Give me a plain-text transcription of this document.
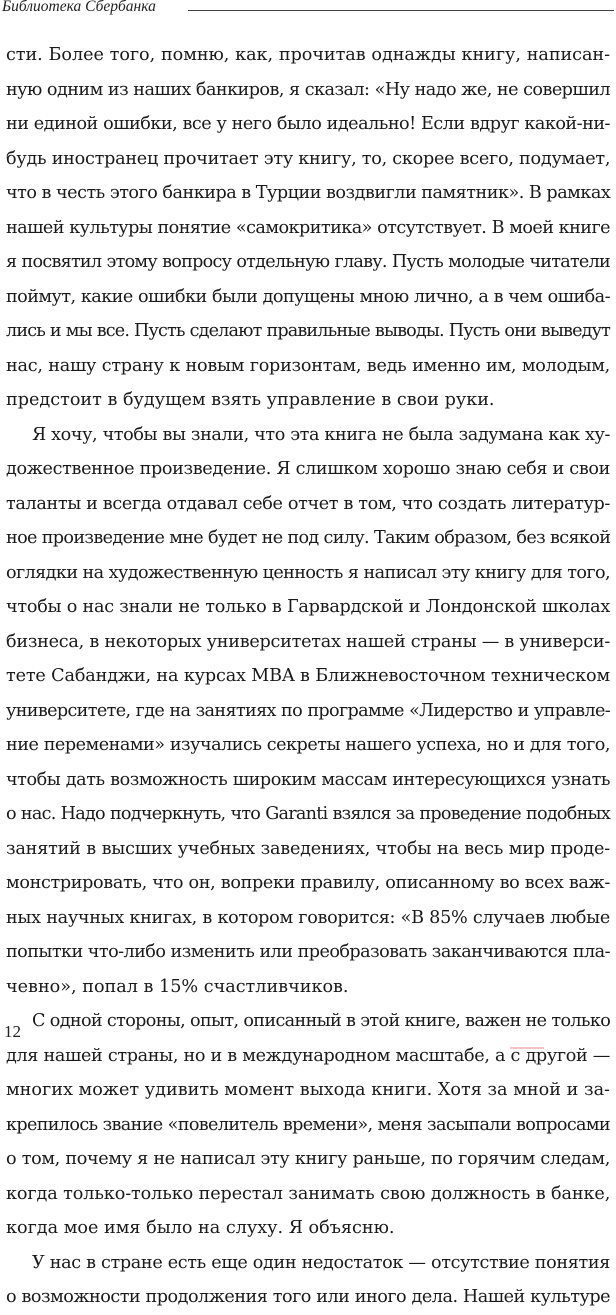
Библиотека Сбербанка
сти. Более того, помню, как, прочитав однажды книгу, написан-
ную одним из наших банкиров, я сказал: «Ну надо же, не совершил
ни единой ошибки, все у него было идеально! Если вдруг какой-ни-
будь иностранец прочитает эту книгу, то, скорее всего, подумает,
что в честь этого банкира в Турции воздвигли памятник». В рамках
нашей культуры понятие «самокритика» отсутствует. В моей книге
я посвятил этому вопросу отдельную главу. Пусть молодые читатели
поймут, какие ошибки были допущены мною лично, а в чем ошиба-
лись и мы все. Пусть сделают правильные выводы. Пусть они выведут
нас, нашу страну к новым горизонтам, ведь именно им, молодым,
предстоит в будущем взять управление в свои руки.
Я хочу, чтобы вы знали, что эта книга не была задумана как ху-
дожественное произведение. Я слишком хорошо знаю себя и свои
таланты и всегда отдавал себе отчет в том, что создать литератур-
ное произведение мне будет не под силу. Таким образом, без всякой
оглядки на художественную ценность я написал эту книгу для того,
чтобы о нас знали не только в Гарвардской и Лондонской школах
бизнеса, в некоторых университетах нашей страны — в универси-
тете Сабанджи, на курсах MBA в Ближневосточном техническом
университете, где на занятиях по программе «Лидерство и управле-
ние переменами» изучались секреты нашего успеха, но и для того,
чтобы дать возможность широким массам интересующихся узнать
о нас. Надо подчеркнуть, что Garanti взялся за проведение подобных
занятий в высших учебных заведениях, чтобы на весь мир проде-
монстрировать, что он, вопреки правилу, описанному во всех важ-
ных научных книгах, в котором говорится: «В 85% случаев любые
попытки что-либо изменить или преобразовать заканчиваются пла-
чевно», попал в 15% счастливчиков.
С одной стороны, опыт, описанный в этой книге, важен не только
для нашей страны, но и в международном масштабе, а с другой —
многих может удивить момент выхода книги. Хотя за мной и за-
крепилось звание «повелитель времени», меня засыпали вопросами
о том, почему я не написал эту книгу раньше, по горячим следам,
когда только-только перестал занимать свою должность в банке,
когда мое имя было на слуху. Я объясню.
У нас в стране есть еще один недостаток — отсутствие понятия
о возможности продолжения того или иного дела. Нашей культуре
12
